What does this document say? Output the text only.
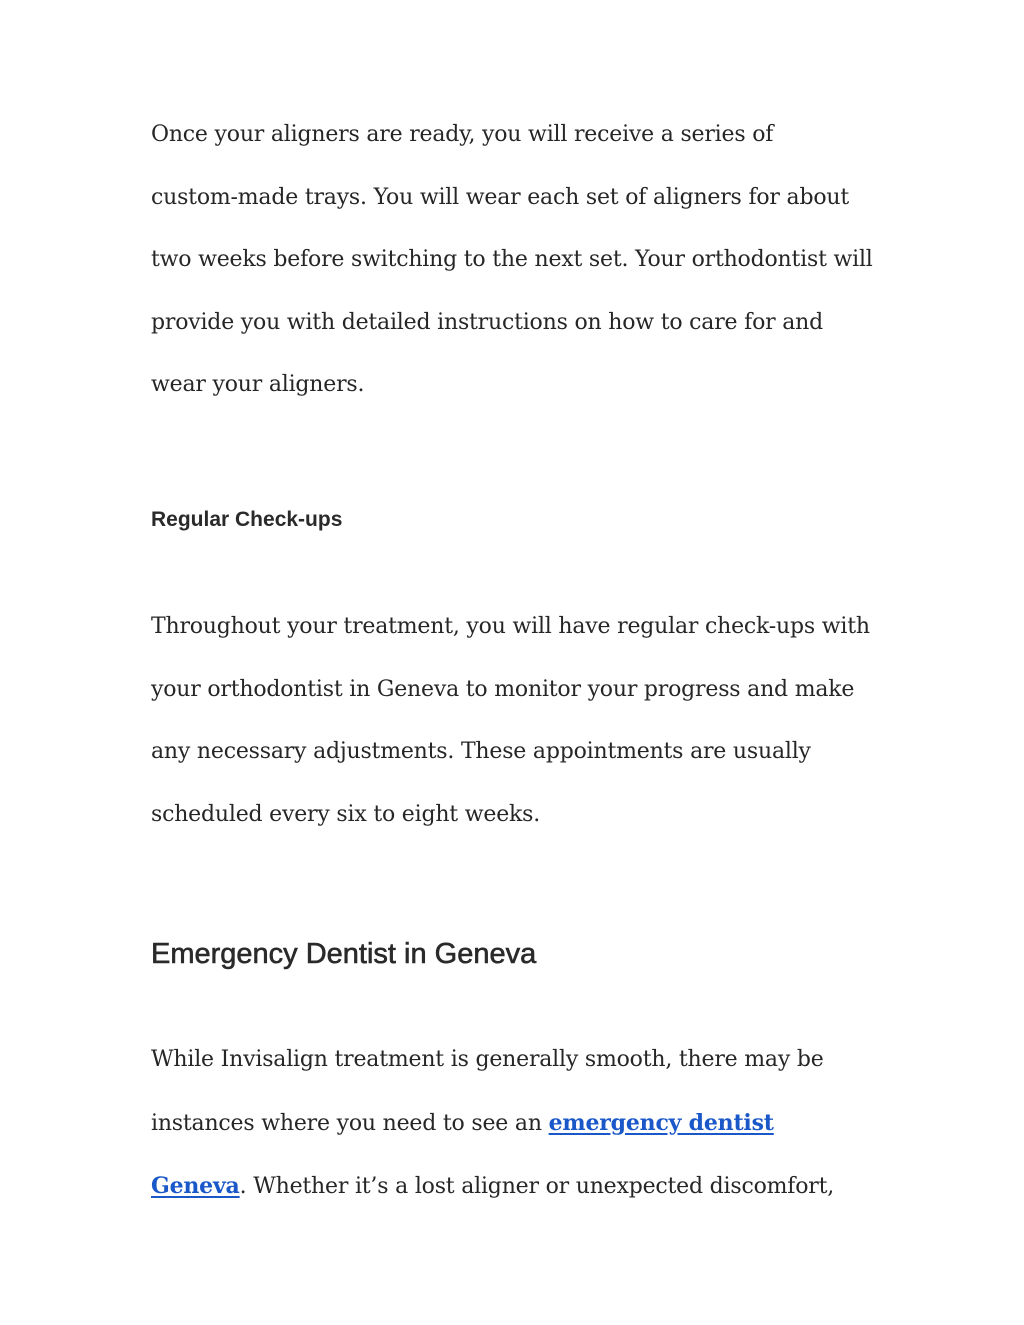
Once your aligners are ready, you will receive a series of
custom-made trays. You will wear each set of aligners for about
two weeks before switching to the next set. Your orthodontist will
provide you with detailed instructions on how to care for and
wear your aligners.

Regular Check-ups

Throughout your treatment, you will have regular check-ups with
your orthodontist in Geneva to monitor your progress and make
any necessary adjustments. These appointments are usually
scheduled every six to eight weeks.

Emergency Dentist in Geneva

While Invisalign treatment is generally smooth, there may be
instances where you need to see an emergency dentist
Geneva. Whether it’s a lost aligner or unexpected discomfort,
